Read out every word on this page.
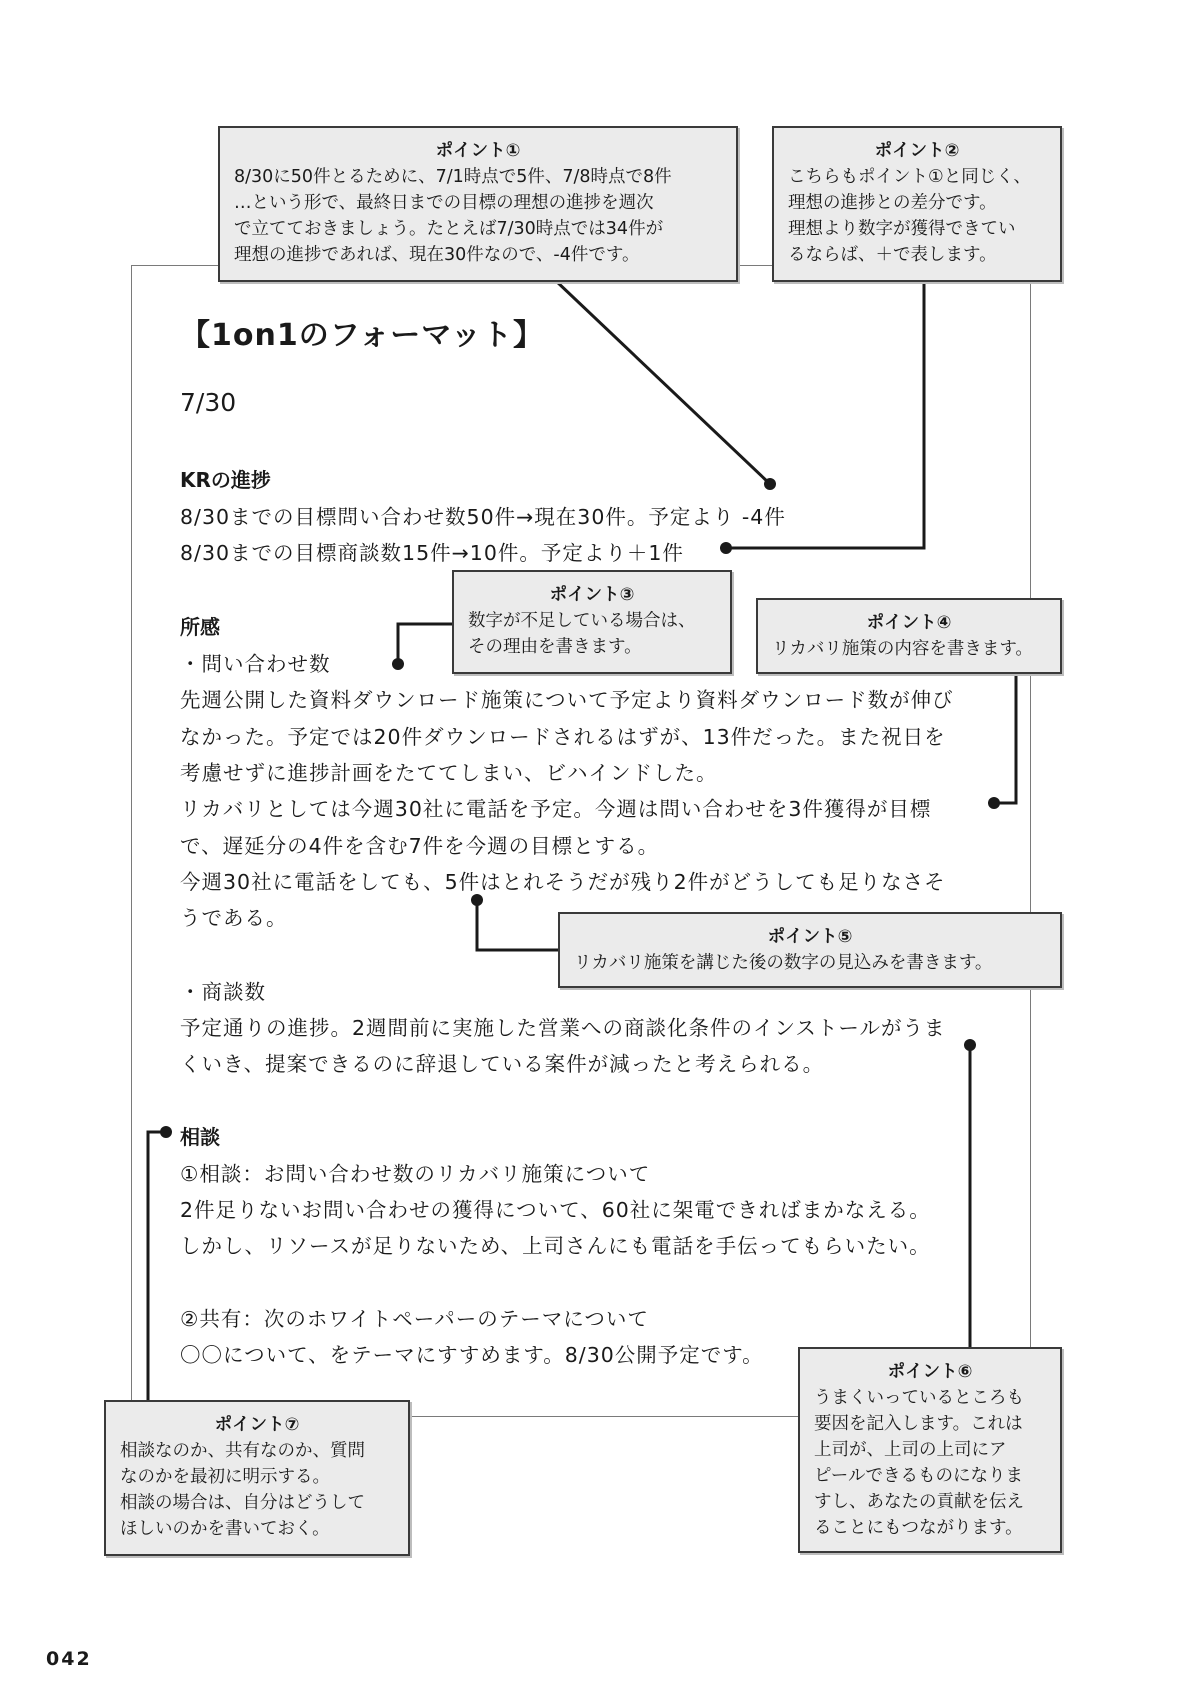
【1on1のフォーマット】
7/30
KRの進捗
8/30までの目標問い合わせ数50件→現在30件。予定より -4件
8/30までの目標商談数15件→10件。予定より＋1件
所感
・問い合わせ数
先週公開した資料ダウンロード施策について予定より資料ダウンロード数が伸び
なかった。予定では20件ダウンロードされるはずが、13件だった。また祝日を
考慮せずに進捗計画をたててしまい、ビハインドした。
リカバリとしては今週30社に電話を予定。今週は問い合わせを3件獲得が目標
で、遅延分の4件を含む7件を今週の目標とする。
今週30社に電話をしても、5件はとれそうだが残り2件がどうしても足りなさそ
うである。
・商談数
予定通りの進捗。2週間前に実施した営業への商談化条件のインストールがうま
くいき、提案できるのに辞退している案件が減ったと考えられる。
相談
①相談：お問い合わせ数のリカバリ施策について
2件足りないお問い合わせの獲得について、60社に架電できればまかなえる。
しかし、リソースが足りないため、上司さんにも電話を手伝ってもらいたい。
②共有：次のホワイトペーパーのテーマについて
〇〇について、をテーマにすすめます。8/30公開予定です。
ポイント①
8/30に50件とるために、7/1時点で5件、7/8時点で8件
…という形で、最終日までの目標の理想の進捗を週次
で立てておきましょう。たとえば7/30時点では34件が
理想の進捗であれば、現在30件なので、-4件です。
ポイント②
こちらもポイント①と同じく、
理想の進捗との差分です。
理想より数字が獲得できてい
るならば、＋で表します。
ポイント③
数字が不足している場合は、
その理由を書きます。
ポイント④
リカバリ施策の内容を書きます。
ポイント⑤
リカバリ施策を講じた後の数字の見込みを書きます。
ポイント⑥
うまくいっているところも
要因を記入します。これは
上司が、上司の上司にア
ピールできるものになりま
すし、あなたの貢献を伝え
ることにもつながります。
ポイント⑦
相談なのか、共有なのか、質問
なのかを最初に明示する。
相談の場合は、自分はどうして
ほしいのかを書いておく。
042
